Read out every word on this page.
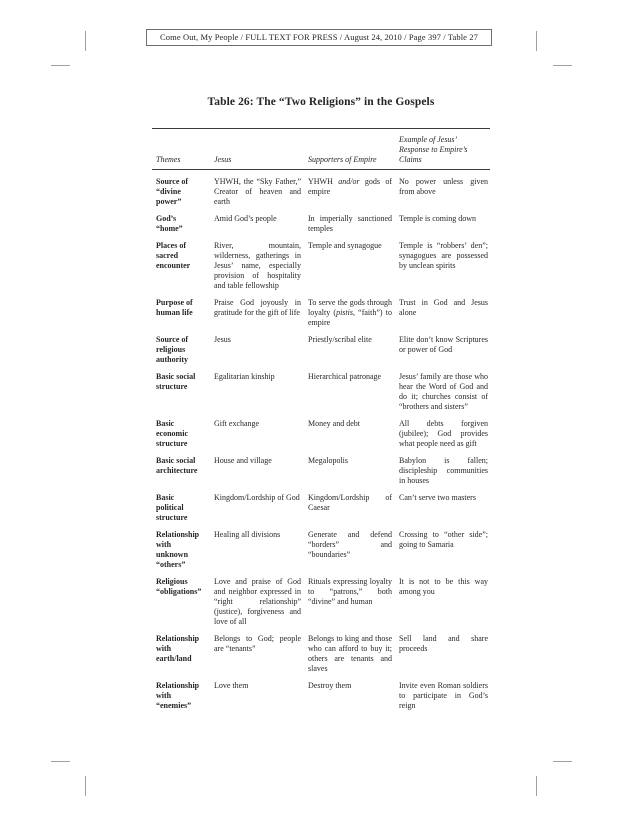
Come Out, My People / FULL TEXT FOR PRESS / August 24, 2010 / Page 397 / Table 27
Table 26: The “Two Religions” in the Gospels
Themes	Jesus	Supporters of Empire	Example of Jesus’ Response to Empire’s Claims
Source of “divine power”	YHWH, the “Sky Father,” Creator of heaven and earth	YHWH and/or gods of empire	No power unless given from above
God’s “home”	Amid God’s people	In imperially sanctioned temples	Temple is coming down
Places of sacred encounter	River, mountain, wilderness, gatherings in Jesus’ name, especially provision of hospitality and table fellowship	Temple and synagogue	Temple is “robbers’ den”; synagogues are possessed by unclean spirits
Purpose of human life	Praise God joyously in gratitude for the gift of life	To serve the gods through loyalty (pistis, “faith”) to empire	Trust in God and Jesus alone
Source of religious authority	Jesus	Priestly/scribal elite	Elite don’t know Scriptures or power of God
Basic social structure	Egalitarian kinship	Hierarchical patronage	Jesus’ family are those who hear the Word of God and do it; churches consist of “brothers and sisters”
Basic economic structure	Gift exchange	Money and debt	All debts forgiven (jubilee); God provides what people need as gift
Basic social architecture	House and village	Megalopolis	Babylon is fallen; discipleship communities in houses
Basic political structure	Kingdom/Lordship of God	Kingdom/Lordship of Caesar	Can’t serve two masters
Relationship with unknown “others”	Healing all divisions	Generate and defend “borders” and “boundaries”	Crossing to “other side”; going to Samaria
Religious “obligations”	Love and praise of God and neighbor expressed in “right relationship” (justice), forgiveness and love of all	Rituals expressing loyalty to “patrons,” both “divine” and human	It is not to be this way among you
Relationship with earth/land	Belongs to God; people are “tenants”	Belongs to king and those who can afford to buy it; others are tenants and slaves	Sell land and share proceeds
Relationship with “enemies”	Love them	Destroy them	Invite even Roman soldiers to participate in God’s reign
